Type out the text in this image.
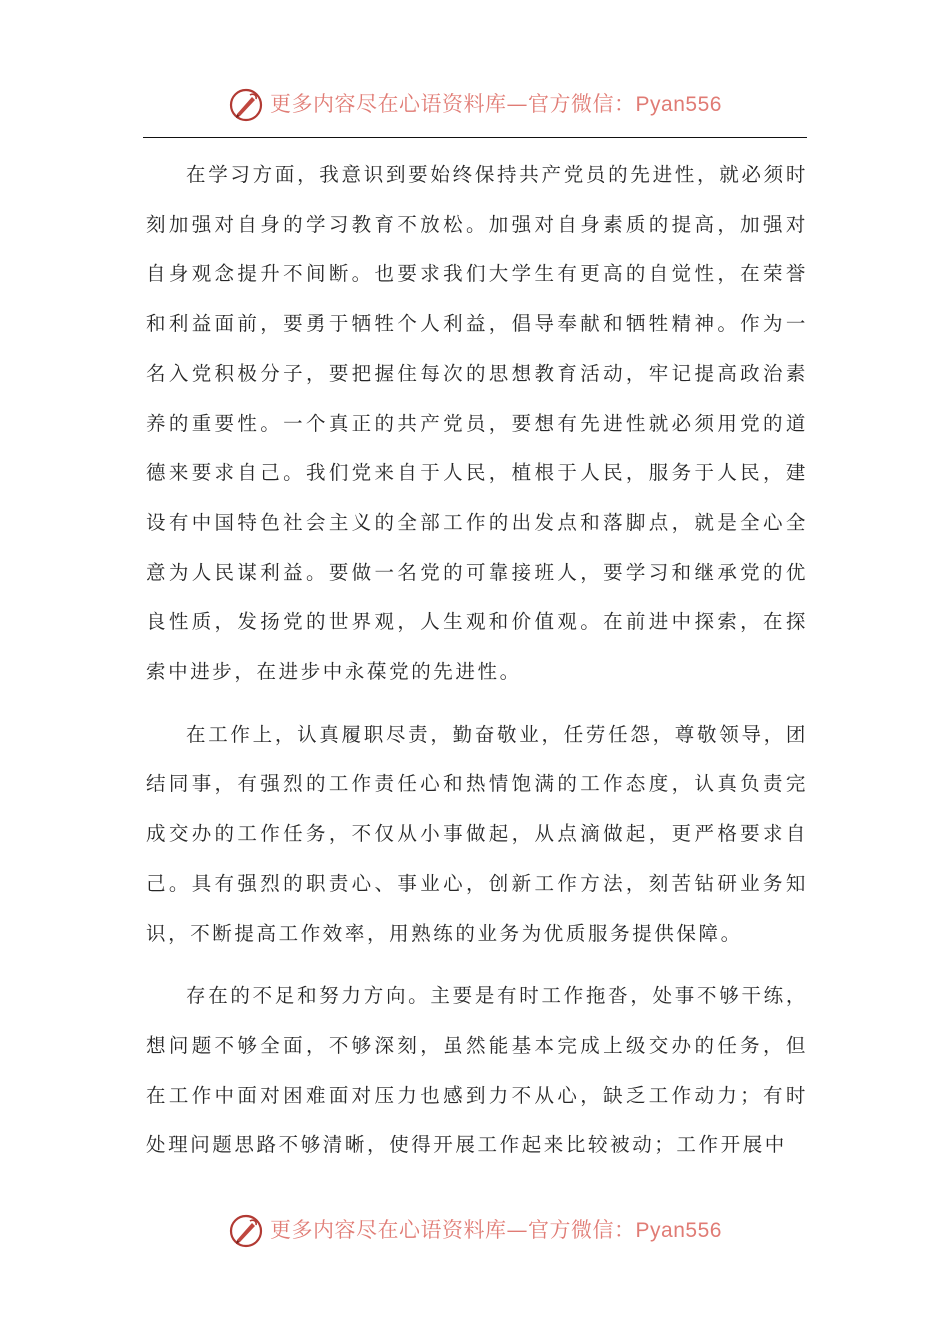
更多内容尽在心语资料库—官方微信：Pyan556

在学习方面，我意识到要始终保持共产党员的先进性，就必须时刻加强对自身的学习教育不放松。加强对自身素质的提高，加强对自身观念提升不间断。也要求我们大学生有更高的自觉性，在荣誉和利益面前，要勇于牺牲个人利益，倡导奉献和牺牲精神。作为一名入党积极分子，要把握住每次的思想教育活动，牢记提高政治素养的重要性。一个真正的共产党员，要想有先进性就必须用党的道德来要求自己。我们党来自于人民，植根于人民，服务于人民，建设有中国特色社会主义的全部工作的出发点和落脚点，就是全心全意为人民谋利益。要做一名党的可靠接班人，要学习和继承党的优良性质，发扬党的世界观，人生观和价值观。在前进中探索，在探索中进步，在进步中永葆党的先进性。

在工作上，认真履职尽责，勤奋敬业，任劳任怨，尊敬领导，团结同事，有强烈的工作责任心和热情饱满的工作态度，认真负责完成交办的工作任务，不仅从小事做起，从点滴做起，更严格要求自己。具有强烈的职责心、事业心，创新工作方法，刻苦钻研业务知识，不断提高工作效率，用熟练的业务为优质服务提供保障。

存在的不足和努力方向。主要是有时工作拖沓，处事不够干练，想问题不够全面，不够深刻，虽然能基本完成上级交办的任务，但在工作中面对困难面对压力也感到力不从心，缺乏工作动力；有时处理问题思路不够清晰，使得开展工作起来比较被动；工作开展中

更多内容尽在心语资料库—官方微信：Pyan556
